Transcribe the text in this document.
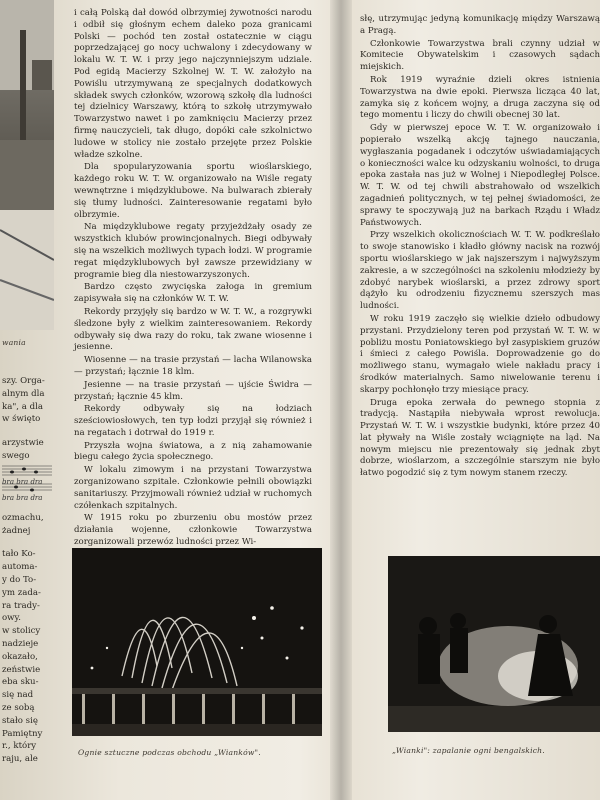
wania

szy. Orga-

alnym dla

ka", a dla

w święto

arzystwie

swego

ozmachu,

żadnej

tało Ko-

automa-

y do To-

ym zada-

ra trady-

owy.

w stolicy

nadzieje

okazało,

zeństwie

eba sku-

się nad

ze sobą

stało się

Pamiętny

r., który

raju, ale

bra bra dra
bra bra dra

i całą Polską dał dowód olbrzymiej żywotności narodu i odbił się głośnym echem daleko poza granicami Polski — pochód ten został ostatecznie w ciągu poprzedzającej go nocy uchwalony i zdecydowany w lokalu W. T. W. i przy jego najczynniejszym udziale. Pod egidą Macierzy Szkolnej W. T. W. założyło na Powiślu utrzymywaną ze specjalnych dodatkowych składek swych członków, wzorową szkołę dla ludności tej dzielnicy Warszawy, którą to szkołę utrzymywało Towarzystwo nawet i po zamknięciu Macierzy przez firmę nauczycieli, tak długo, dopóki całe szkolnictwo ludowe w stolicy nie zostało przejęte przez Polskie władze szkolne.

Dla spopularyzowania sportu wioślarskiego, każdego roku W. T. W. organizowało na Wiśle regaty wewnętrzne i międzyklubowe. Na bulwarach zbierały się tłumy ludności. Zainteresowanie regatami było olbrzymie.

Na międzyklubowe regaty przyjeżdżały osady ze wszystkich klubów prowincjonalnych. Biegi odbywały się na wszelkich możliwych typach łodzi. W programie regat międzyklubowych był zawsze przewidziany w programie bieg dla niestowarzyszonych.

Bardzo często zwycięska załoga in gremium zapisywała się na członków W. T. W.

Rekordy przyjęły się bardzo w W. T. W., a rozgrywki śledzone były z wielkim zainteresowaniem. Rekordy odbywały się dwa razy do roku, tak zwane wiosenne i jesienne.

Wiosenne — na trasie przystań — lacha Wilanowska — przystań; łącznie 18 klm.

Jesienne — na trasie przystań — ujście Świdra — przystań; łącznie 45 klm.

Rekordy odbywały się na łodziach sześciowiosłowych, ten typ łodzi przyjął się również i na regatach i dotrwał do 1919 r.

Przyszła wojna światowa, a z nią zahamowanie biegu całego życia społecznego.

W lokalu zimowym i na przystani Towarzystwa zorganizowano szpitale. Członkowie pełnili obowiązki sanitariuszy. Przyjmowali również udział w ruchomych czółenkach szpitalnych.

W 1915 roku po zburzeniu obu mostów przez działania wojenne, członkowie Towarzystwa zorganizowali przewóz ludności przez Wi-

Ognie sztuczne podczas obchodu „Wianków".

słę, utrzymując jedyną komunikację między Warszawą a Pragą.

Członkowie Towarzystwa brali czynny udział w Komitecie Obywatelskim i czasowych sądach miejskich.

Rok 1919 wyraźnie dzieli okres istnienia Towarzystwa na dwie epoki. Pierwsza licząca 40 lat, zamyka się z końcem wojny, a druga zaczyna się od tego momentu i liczy do chwili obecnej 30 lat.

Gdy w pierwszej epoce W. T. W. organizowało i popierało wszelką akcję tajnego nauczania, wygłaszania pogadanek i odczytów uświadamiających o konieczności walce ku odzyskaniu wolności, to druga epoka zastała nas już w Wolnej i Niepodległej Polsce. W. T. W. od tej chwili abstrahowało od wszelkich zagadnień politycznych, w tej pełnej świadomości, że sprawy te spoczywają już na barkach Rządu i Władz Państwowych.

Przy wszelkich okolicznościach W. T. W. podkreślało to swoje stanowisko i kładło główny nacisk na rozwój sportu wioślarskiego w jak najszerszym i najwyższym zakresie, a w szczególności na szkoleniu młodzieży by zdobyć narybek wioślarski, a przez zdrowy sport dążyło ku odrodzeniu fizycznemu szerszych mas ludności.

W roku 1919 zaczęło się wielkie dzieło odbudowy przystani. Przydzielony teren pod przystań W. T. W. w pobliżu mostu Poniatowskiego był zasypiskiem gruzów i śmieci z całego Powiśla. Doprowadzenie go do możliwego stanu, wymagało wiele nakładu pracy i środków materialnych. Samo niwelowanie terenu i skarpy pochłonęło trzy miesiące pracy.

Druga epoka zerwała do pewnego stopnia z tradycją. Nastąpiła niebywała wprost rewolucja. Przystań W. T. W. i wszystkie budynki, które przez 40 lat pływały na Wiśle zostały wciągnięte na ląd. Na nowym miejscu nie prezentowały się jednak zbyt dobrze, wioślarzom, a szczególnie starszym nie było łatwo pogodzić się z tym nowym stanem rzeczy.

„Wianki": zapalanie ogni bengalskich.
